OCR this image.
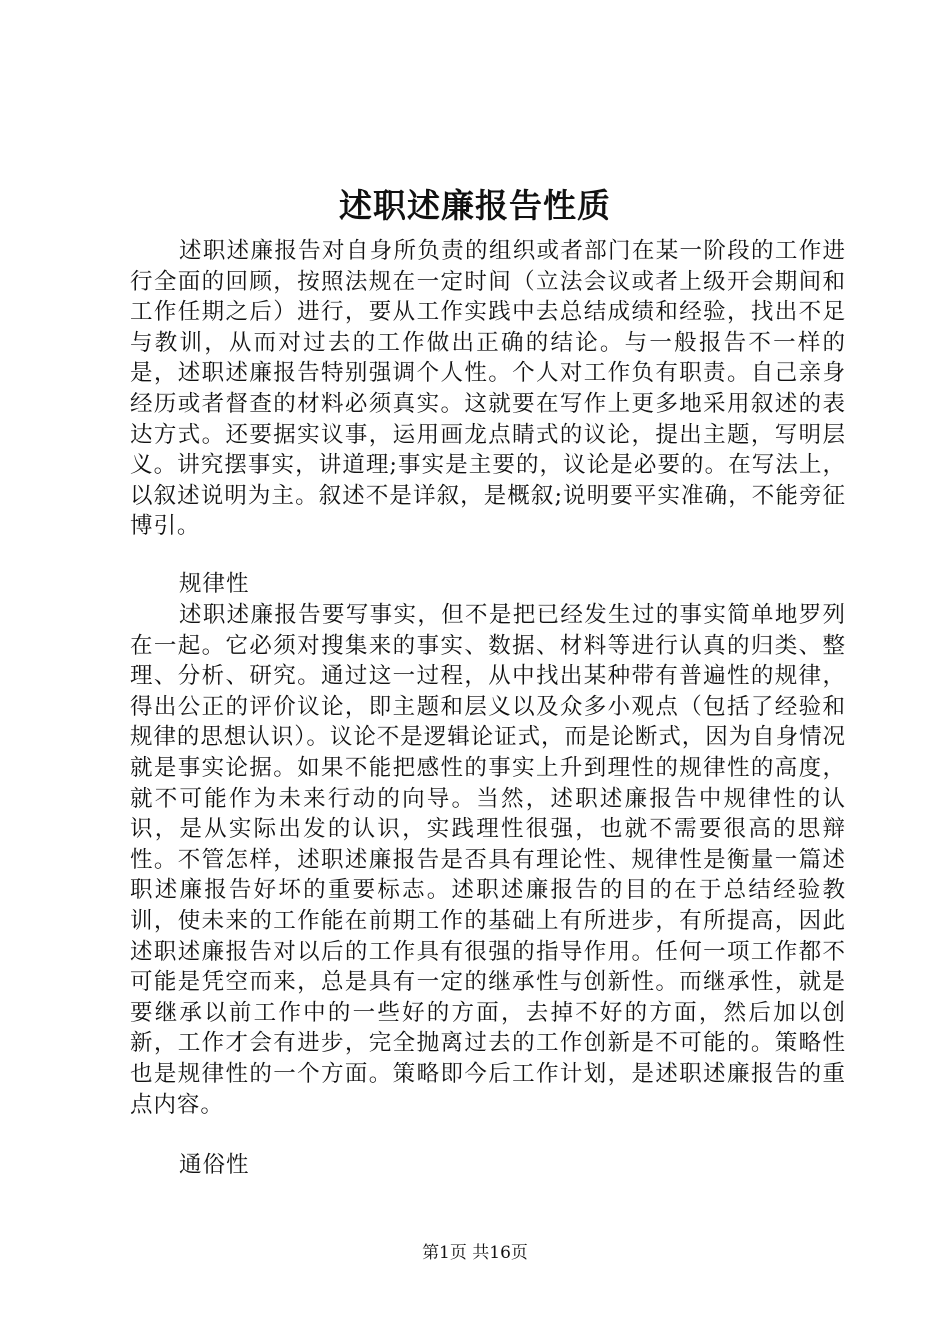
述职述廉报告性质

述职述廉报告对自身所负责的组织或者部门在某一阶段的工作进行全面的回顾，按照法规在一定时间（立法会议或者上级开会期间和工作任期之后）进行，要从工作实践中去总结成绩和经验，找出不足与教训，从而对过去的工作做出正确的结论。与一般报告不一样的是，述职述廉报告特别强调个人性。个人对工作负有职责。自己亲身经历或者督查的材料必须真实。这就要在写作上更多地采用叙述的表达方式。还要据实议事，运用画龙点睛式的议论，提出主题，写明层义。讲究摆事实，讲道理;事实是主要的，议论是必要的。在写法上，以叙述说明为主。叙述不是详叙，是概叙;说明要平实准确，不能旁征博引。

规律性

述职述廉报告要写事实，但不是把已经发生过的事实简单地罗列在一起。它必须对搜集来的事实、数据、材料等进行认真的归类、整理、分析、研究。通过这一过程，从中找出某种带有普遍性的规律，得出公正的评价议论，即主题和层义以及众多小观点（包括了经验和规律的思想认识）。议论不是逻辑论证式，而是论断式，因为自身情况就是事实论据。如果不能把感性的事实上升到理性的规律性的高度，就不可能作为未来行动的向导。当然，述职述廉报告中规律性的认识，是从实际出发的认识，实践理性很强，也就不需要很高的思辩性。不管怎样，述职述廉报告是否具有理论性、规律性是衡量一篇述职述廉报告好坏的重要标志。述职述廉报告的目的在于总结经验教训，使未来的工作能在前期工作的基础上有所进步，有所提高，因此述职述廉报告对以后的工作具有很强的指导作用。任何一项工作都不可能是凭空而来，总是具有一定的继承性与创新性。而继承性，就是要继承以前工作中的一些好的方面，去掉不好的方面，然后加以创新，工作才会有进步，完全抛离过去的工作创新是不可能的。策略性也是规律性的一个方面。策略即今后工作计划，是述职述廉报告的重点内容。

通俗性

第1页 共16页
